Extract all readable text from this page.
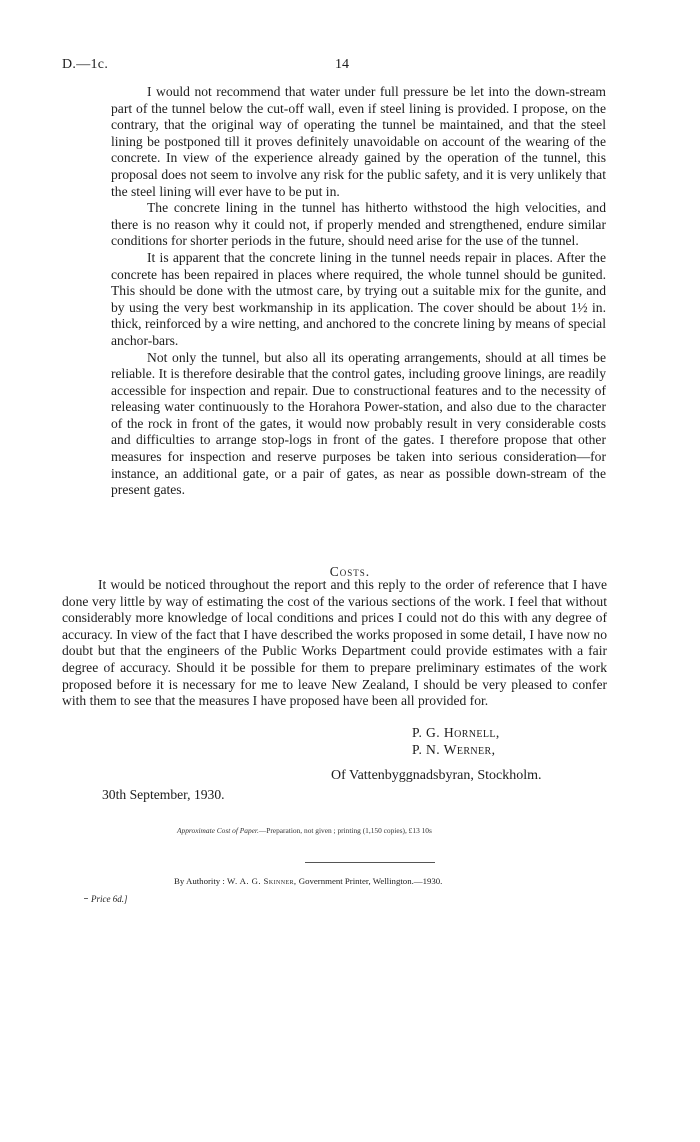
D.—1c.	14

I would not recommend that water under full pressure be let into the down-stream part of the tunnel below the cut-off wall, even if steel lining is provided. I propose, on the contrary, that the original way of operating the tunnel be maintained, and that the steel lining be postponed till it proves definitely unavoidable on account of the wearing of the concrete. In view of the experience already gained by the operation of the tunnel, this proposal does not seem to involve any risk for the public safety, and it is very unlikely that the steel lining will ever have to be put in.

The concrete lining in the tunnel has hitherto withstood the high velocities, and there is no reason why it could not, if properly mended and strengthened, endure similar conditions for shorter periods in the future, should need arise for the use of the tunnel.

It is apparent that the concrete lining in the tunnel needs repair in places. After the concrete has been repaired in places where required, the whole tunnel should be gunited. This should be done with the utmost care, by trying out a suitable mix for the gunite, and by using the very best workmanship in its application. The cover should be about 1½ in. thick, reinforced by a wire netting, and anchored to the concrete lining by means of special anchor-bars.

Not only the tunnel, but also all its operating arrangements, should at all times be reliable. It is therefore desirable that the control gates, including groove linings, are readily accessible for inspection and repair. Due to constructional features and to the necessity of releasing water continuously to the Horahora Power-station, and also due to the character of the rock in front of the gates, it would now probably result in very considerable costs and difficulties to arrange stop-logs in front of the gates. I therefore propose that other measures for inspection and reserve purposes be taken into serious consideration—for instance, an additional gate, or a pair of gates, as near as possible down-stream of the present gates.

Costs.

It would be noticed throughout the report and this reply to the order of reference that I have done very little by way of estimating the cost of the various sections of the work. I feel that without considerably more knowledge of local conditions and prices I could not do this with any degree of accuracy. In view of the fact that I have described the works proposed in some detail, I have now no doubt but that the engineers of the Public Works Department could provide estimates with a fair degree of accuracy. Should it be possible for them to prepare preliminary estimates of the work proposed before it is necessary for me to leave New Zealand, I should be very pleased to confer with them to see that the measures I have proposed have been all provided for.

P. G. Hornell,
P. N. Werner,
Of Vattenbyggnadsbyran, Stockholm.
30th September, 1930.
Approximate Cost of Paper.—Preparation, not given ; printing (1,150 copies), £13 10s
By Authority : W. A. G. Skinner, Government Printer, Wellington.—1930.
Price 6d.]
